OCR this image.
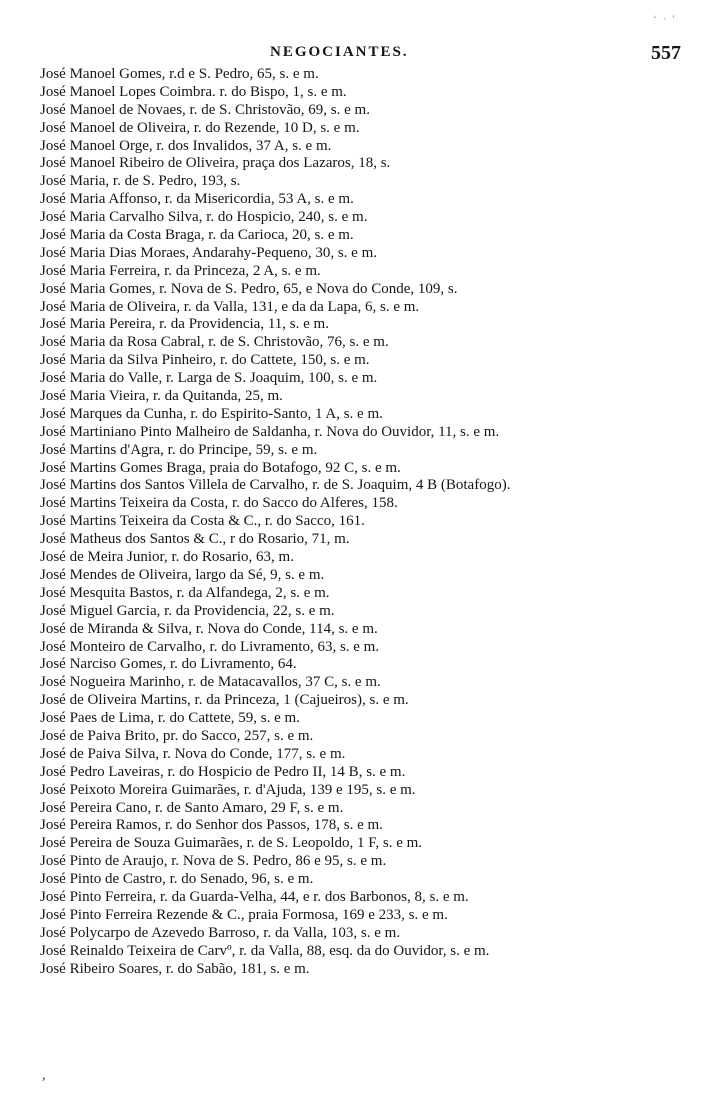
‘ · ’
NEGOCIANTES.	557
José Manoel Gomes, r.d e S. Pedro, 65, s. e m.
José Manoel Lopes Coimbra. r. do Bispo, 1, s. e m.
José Manoel de Novaes, r. de S. Christovão, 69, s. e m.
José Manoel de Oliveira, r. do Rezende, 10 D, s. e m.
José Manoel Orge, r. dos Invalidos, 37 A, s. e m.
José Manoel Ribeiro de Oliveira, praça dos Lazaros, 18, s.
José Maria, r. de S. Pedro, 193, s.
José Maria Affonso, r. da Misericordia, 53 A, s. e m.
José Maria Carvalho Silva, r. do Hospicio, 240, s. e m.
José Maria da Costa Braga, r. da Carioca, 20, s. e m.
José Maria Dias Moraes, Andarahy-Pequeno, 30, s. e m.
José Maria Ferreira, r. da Princeza, 2 A, s. e m.
José Maria Gomes, r. Nova de S. Pedro, 65, e Nova do Conde, 109, s.
José Maria de Oliveira, r. da Valla, 131, e da da Lapa, 6, s. e m.
José Maria Pereira, r. da Providencia, 11, s. e m.
José Maria da Rosa Cabral, r. de S. Christovão, 76, s. e m.
José Maria da Silva Pinheiro, r. do Cattete, 150, s. e m.
José Maria do Valle, r. Larga de S. Joaquim, 100, s. e m.
José Maria Vieira, r. da Quitanda, 25, m.
José Marques da Cunha, r. do Espirito-Santo, 1 A, s. e m.
José Martiniano Pinto Malheiro de Saldanha, r. Nova do Ouvidor, 11, s. e m.
José Martins d'Agra, r. do Principe, 59, s. e m.
José Martins Gomes Braga, praia do Botafogo, 92 C, s. e m.
José Martins dos Santos Villela de Carvalho, r. de S. Joaquim, 4 B (Botafogo).
José Martins Teixeira da Costa, r. do Sacco do Alferes, 158.
José Martins Teixeira da Costa & C., r. do Sacco, 161.
José Matheus dos Santos & C., r do Rosario, 71, m.
José de Meira Junior, r. do Rosario, 63, m.
José Mendes de Oliveira, largo da Sé, 9, s. e m.
José Mesquita Bastos, r. da Alfandega, 2, s. e m.
José Miguel Garcia, r. da Providencia, 22, s. e m.
José de Miranda & Silva, r. Nova do Conde, 114, s. e m.
José Monteiro de Carvalho, r. do Livramento, 63, s. e m.
José Narciso Gomes, r. do Livramento, 64.
José Nogueira Marinho, r. de Matacavallos, 37 C, s. e m.
José de Oliveira Martins, r. da Princeza, 1 (Cajueiros), s. e m.
José Paes de Lima, r. do Cattete, 59, s. e m.
José de Paiva Brito, pr. do Sacco, 257, s. e m.
José de Paiva Silva, r. Nova do Conde, 177, s. e m.
José Pedro Laveiras, r. do Hospicio de Pedro II, 14 B, s. e m.
José Peixoto Moreira Guimarães, r. d'Ajuda, 139 e 195, s. e m.
José Pereira Cano, r. de Santo Amaro, 29 F, s. e m.
José Pereira Ramos, r. do Senhor dos Passos, 178, s. e m.
José Pereira de Souza Guimarães, r. de S. Leopoldo, 1 F, s. e m.
José Pinto de Araujo, r. Nova de S. Pedro, 86 e 95, s. e m.
José Pinto de Castro, r. do Senado, 96, s. e m.
José Pinto Ferreira, r. da Guarda-Velha, 44, e r. dos Barbonos, 8, s. e m.
José Pinto Ferreira Rezende & C., praia Formosa, 169 e 233, s. e m.
José Polycarpo de Azevedo Barroso, r. da Valla, 103, s. e m.
José Reinaldo Teixeira de Carvº, r. da Valla, 88, esq. da do Ouvidor, s. e m.
José Ribeiro Soares, r. do Sabão, 181, s. e m.
,
